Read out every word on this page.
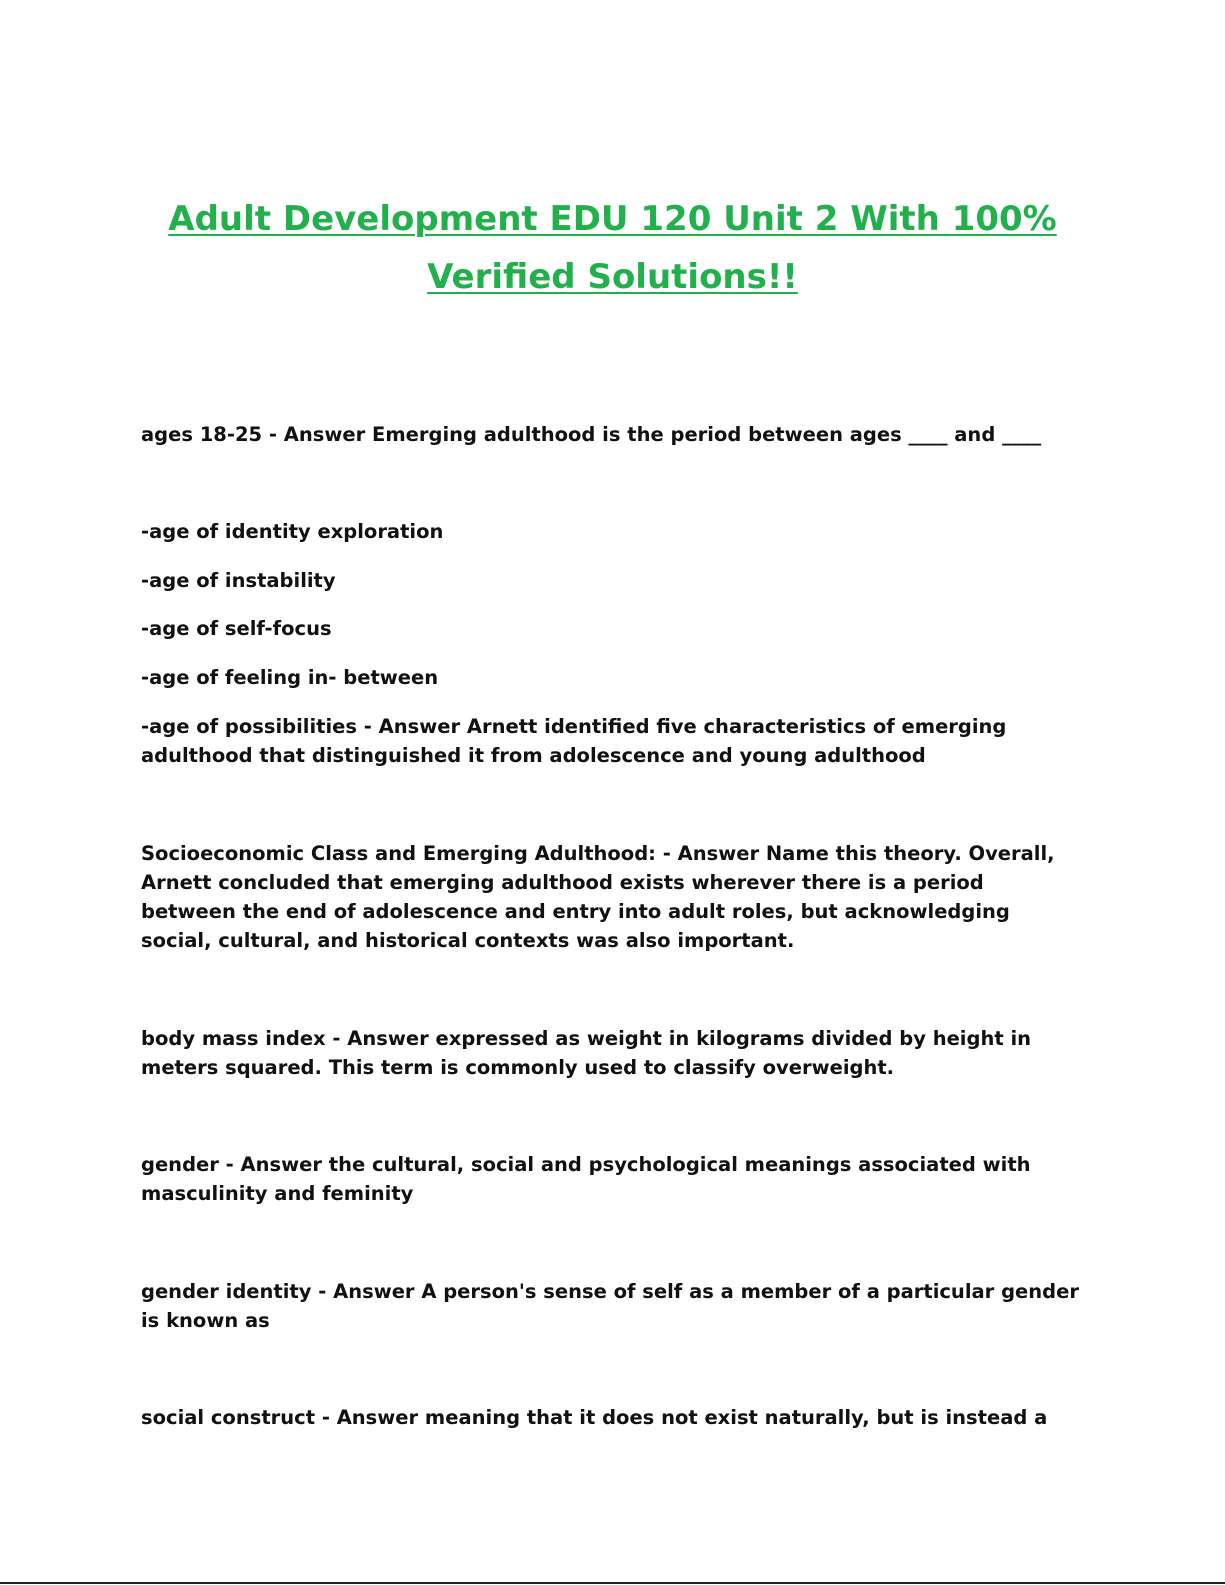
Adult Development EDU 120 Unit 2 With 100%
Verified Solutions!!

ages 18-25 - Answer Emerging adulthood is the period between ages ____ and ____

-age of identity exploration

-age of instability

-age of self-focus

-age of feeling in- between

-age of possibilities - Answer Arnett identified five characteristics of emerging adulthood that distinguished it from adolescence and young adulthood

Socioeconomic Class and Emerging Adulthood: - Answer Name this theory. Overall, Arnett concluded that emerging adulthood exists wherever there is a period between the end of adolescence and entry into adult roles, but acknowledging social, cultural, and historical contexts was also important.

body mass index - Answer expressed as weight in kilograms divided by height in meters squared. This term is commonly used to classify overweight.

gender - Answer the cultural, social and psychological meanings associated with masculinity and feminity

gender identity - Answer A person's sense of self as a member of a particular gender is known as

social construct - Answer meaning that it does not exist naturally, but is instead a
